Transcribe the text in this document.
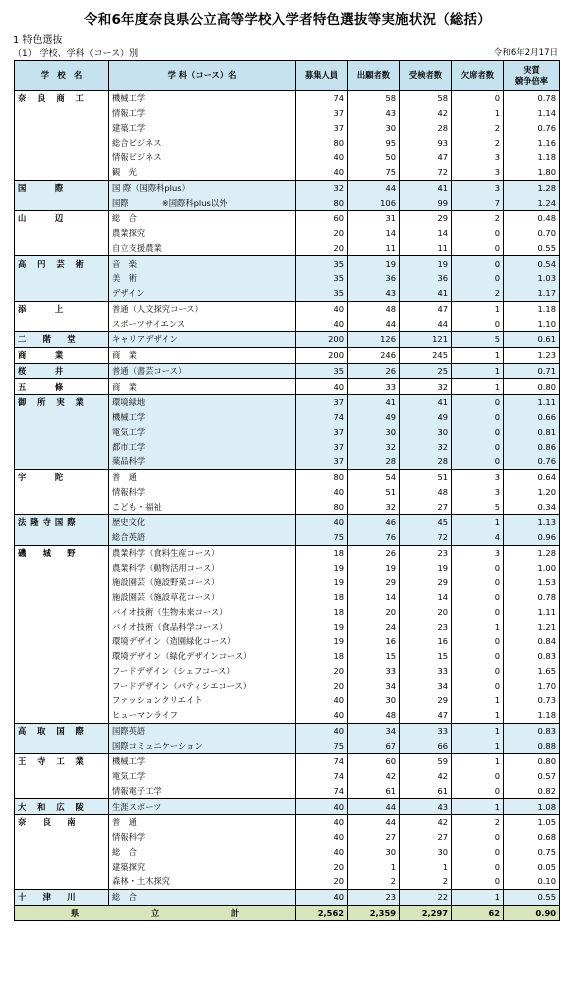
令和6年度奈良県公立高等学校入学者特色選抜等実施状況（総括）
1 特色選抜
（1） 学校、学科（コース）別	令和6年2月17日
学　校　名	学 科（コース）名	募集人員	出願者数	受検者数	欠席者数	実質
競争倍率
奈 良 商 工	機械工学	74	58	58	0	0.78
	情報工学	37	43	42	1	1.14
	建築工学	37	30	28	2	0.76
	総合ビジネス	80	95	93	2	1.16
	情報ビジネス	40	50	47	3	1.18
	観　光	40	75	72	3	1.80
国　　際	国 際（国際科plus）	32	44	41	3	1.28
	国際　　　　※国際科plus以外	80	106	99	7	1.24
山　　辺	総　合	60	31	29	2	0.48
	農業探究	20	14	14	0	0.70
	自立支援農業	20	11	11	0	0.55
高 円 芸 術	音　楽	35	19	19	0	0.54
	美　術	35	36	36	0	1.03
	デザイン	35	43	41	2	1.17
添　　上	普通（人文探究コース）	40	48	47	1	1.18
	スポーツサイエンス	40	44	44	0	1.10
二　階　堂	キャリアデザイン	200	126	121	5	0.61
商　　業	商　業	200	246	245	1	1.23
桜　　井	普通（書芸コース）	35	26	25	1	0.71
五　　條	商　業	40	33	32	1	0.80
御 所 実 業	環境緑地	37	41	41	0	1.11
	機械工学	74	49	49	0	0.66
	電気工学	37	30	30	0	0.81
	都市工学	37	32	32	0	0.86
	薬品科学	37	28	28	0	0.76
宇　　陀	普　通	80	54	51	3	0.64
	情報科学	40	51	48	3	1.20
	こども・福祉	80	32	27	5	0.34
法隆寺国際	歴史文化	40	46	45	1	1.13
	総合英語	75	76	72	4	0.96
磯　城　野	農業科学（食料生産コース）	18	26	23	3	1.28
	農業科学（動物活用コース）	19	19	19	0	1.00
	施設園芸（施設野菜コース）	19	29	29	0	1.53
	施設園芸（施設草花コース）	18	14	14	0	0.78
	バイオ技術（生物未来コース）	18	20	20	0	1.11
	バイオ技術（食品科学コース）	19	24	23	1	1.21
	環境デザイン（造園緑化コース）	19	16	16	0	0.84
	環境デザイン（緑化デザインコース）	18	15	15	0	0.83
	フードデザイン（シェフコース）	20	33	33	0	1.65
	フードデザイン（パティシエコース）	20	34	34	0	1.70
	ファッションクリエイト	40	30	29	1	0.73
	ヒューマンライフ	40	48	47	1	1.18
高 取 国 際	国際英語	40	34	33	1	0.83
	国際コミュニケーション	75	67	66	1	0.88
王 寺 工 業	機械工学	74	60	59	1	0.80
	電気工学	74	42	42	0	0.57
	情報電子工学	74	61	61	0	0.82
大 和 広 陵	生涯スポーツ	40	44	43	1	1.08
奈　良　南	普　通	40	44	42	2	1.05
	情報科学	40	27	27	0	0.68
	総　合	40	30	30	0	0.75
	建築探究	20	1	1	0	0.05
	森林・土木探究	20	2	2	0	0.10
十　津　川	総　合	40	23	22	1	0.55
県 立 計		2,562	2,359	2,297	62	0.90
